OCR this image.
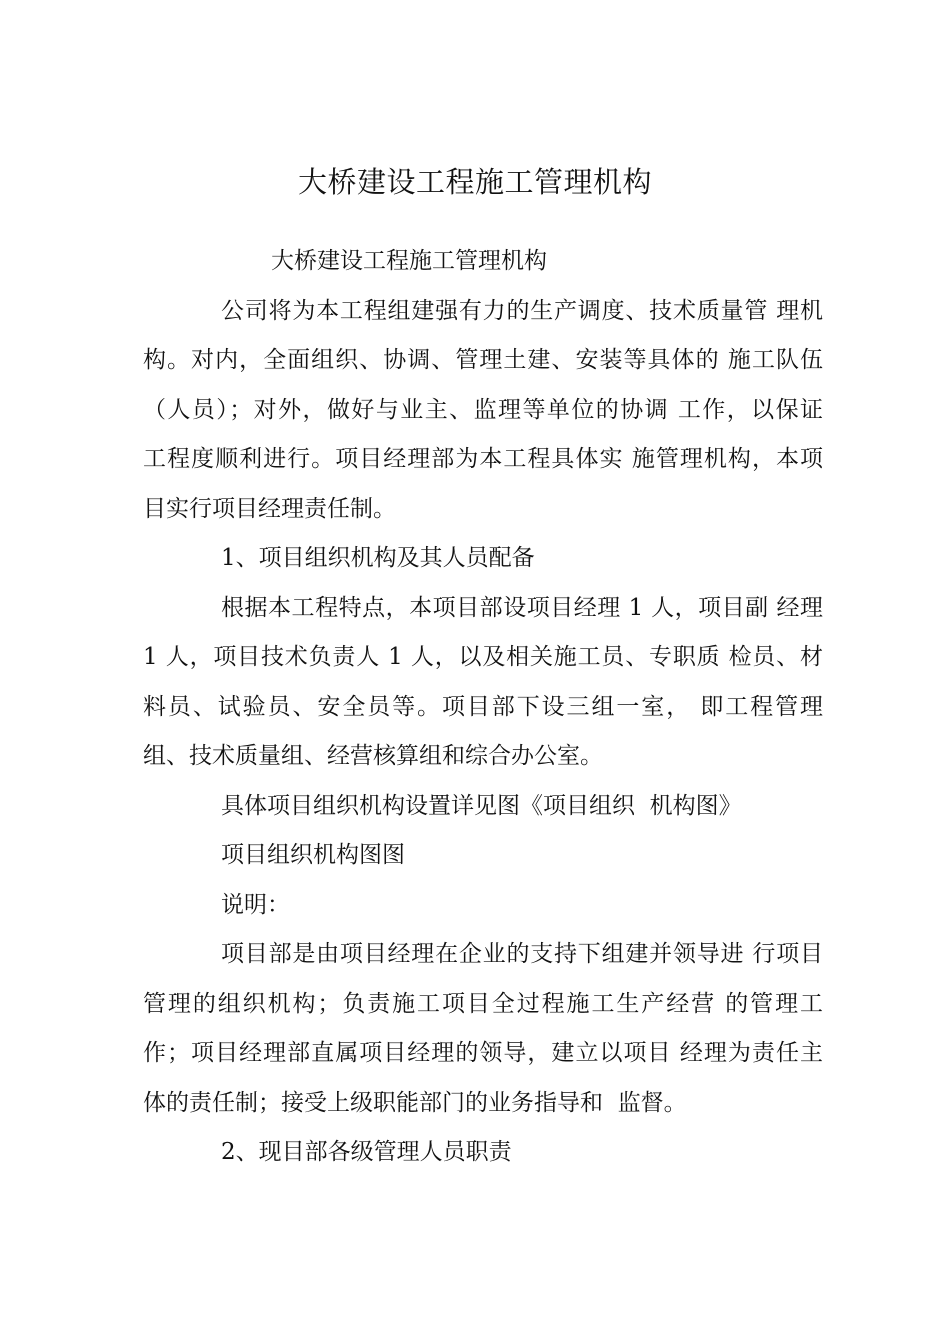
大桥建设工程施工管理机构
大桥建设工程施工管理机构
公司将为本工程组建强有力的生产调度、技术质量管 理机
构。对内，全面组织、协调、管理土建、安装等具体的 施工队伍
（人员）；对外，做好与业主、监理等单位的协调 工作，以保证
工程度顺利进行。项目经理部为本工程具体实 施管理机构，本项
目实行项目经理责任制。
1、项目组织机构及其人员配备
根据本工程特点，本项目部设项目经理 1 人，项目副 经理
1 人，项目技术负责人 1 人，以及相关施工员、专职质 检员、材
料员、试验员、安全员等。项目部下设三组一室， 即工程管理
组、技术质量组、经营核算组和综合办公室。
具体项目组织机构设置详见图《项目组织  机构图》
项目组织机构图图
说明：
项目部是由项目经理在企业的支持下组建并领导进 行项目
管理的组织机构；负责施工项目全过程施工生产经营 的管理工
作；项目经理部直属项目经理的领导，建立以项目 经理为责任主
体的责任制；接受上级职能部门的业务指导和  监督。
2、现目部各级管理人员职责
